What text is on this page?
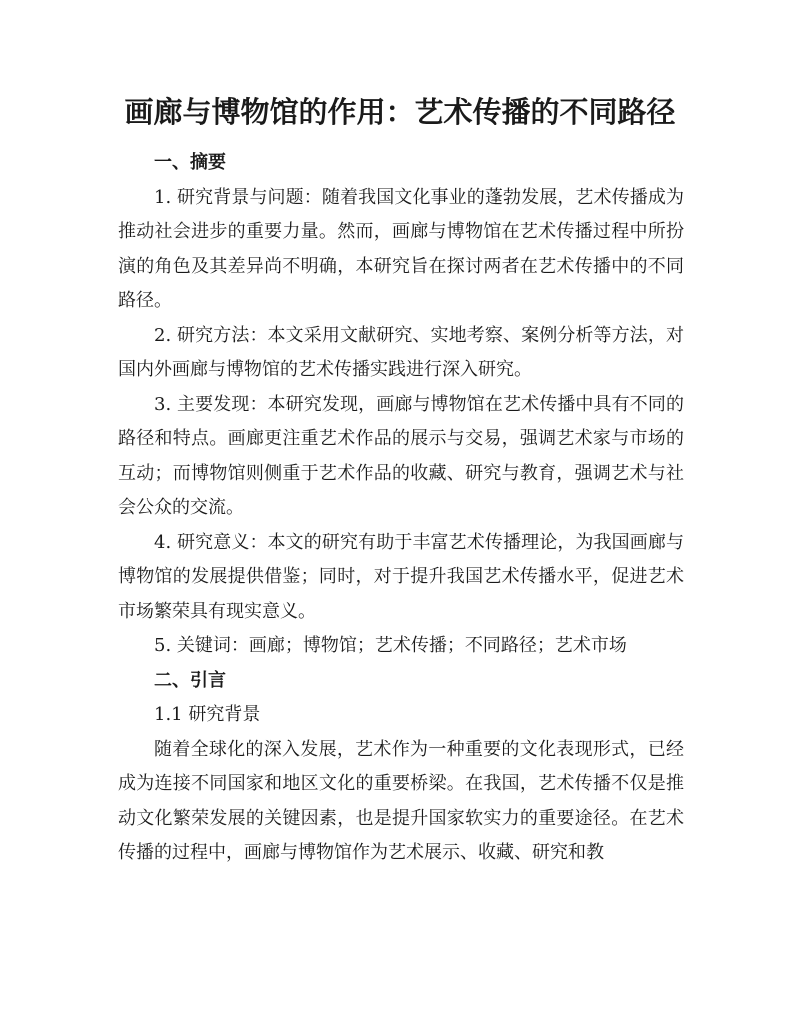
画廊与博物馆的作用：艺术传播的不同路径

一、摘要

1. 研究背景与问题：随着我国文化事业的蓬勃发展，艺术传播成为推动社会进步的重要力量。然而，画廊与博物馆在艺术传播过程中所扮演的角色及其差异尚不明确，本研究旨在探讨两者在艺术传播中的不同路径。

2. 研究方法：本文采用文献研究、实地考察、案例分析等方法，对国内外画廊与博物馆的艺术传播实践进行深入研究。

3. 主要发现：本研究发现，画廊与博物馆在艺术传播中具有不同的路径和特点。画廊更注重艺术作品的展示与交易，强调艺术家与市场的互动；而博物馆则侧重于艺术作品的收藏、研究与教育，强调艺术与社会公众的交流。

4. 研究意义：本文的研究有助于丰富艺术传播理论，为我国画廊与博物馆的发展提供借鉴；同时，对于提升我国艺术传播水平，促进艺术市场繁荣具有现实意义。

5. 关键词：画廊；博物馆；艺术传播；不同路径；艺术市场

二、引言

1.1 研究背景

随着全球化的深入发展，艺术作为一种重要的文化表现形式，已经成为连接不同国家和地区文化的重要桥梁。在我国，艺术传播不仅是推动文化繁荣发展的关键因素，也是提升国家软实力的重要途径。在艺术传播的过程中，画廊与博物馆作为艺术展示、收藏、研究和教
